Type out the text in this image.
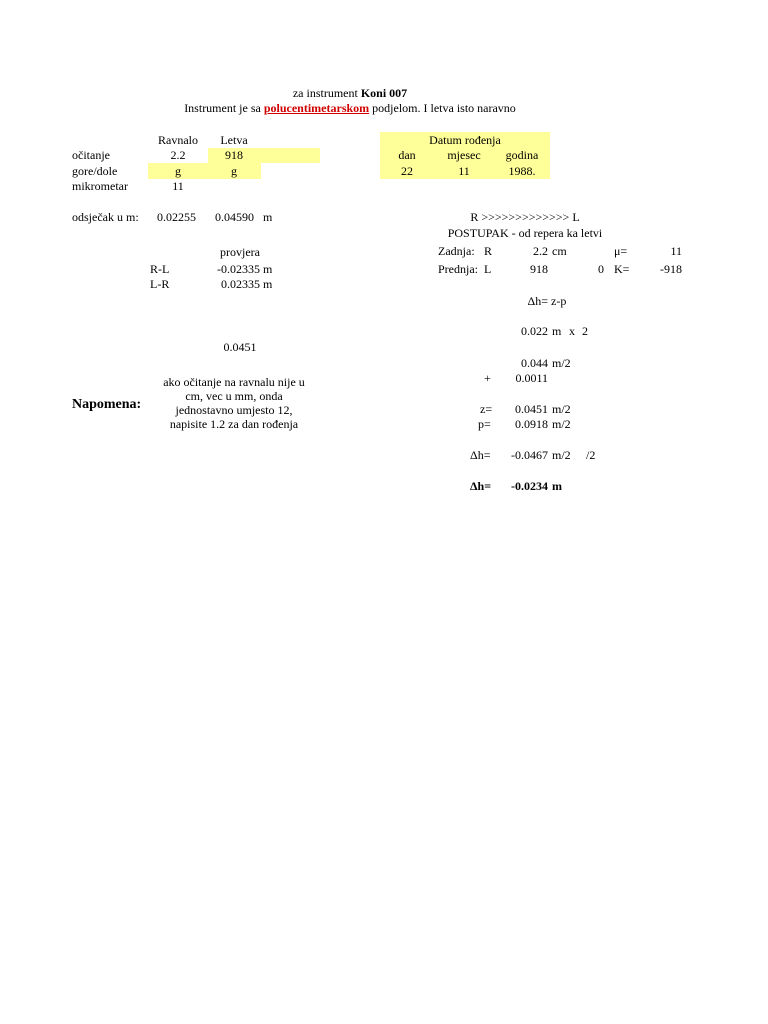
za instrument Koni 007
Instrument je sa polucentimetarskom podjelom. I letva isto naravno
Ravnalo	Letva
očitanje	2.2	918
gore/dole	g	g
mikrometar	11
Datum rođenja
dan	mjesec	godina
22	11	1988.
odsječak u m:	0.02255	0.04590 m
provjera
R-L	-0.02335 m
L-R	0.02335 m
0.0451
Napomena:
ako očitanje na ravnalu nije u
cm, vec u mm, onda
jednostavno umjesto 12,
napisite 1.2 za dan rođenja
R >>>>>>>>>>>>> L
POSTUPAK - od repera ka letvi
Zadnja: R	2.2 cm	μ=	11
Prednja: L	918	0 K=	-918
Δh= z-p
0.022 m x 2
0.044 m/2
+	0.0011
z=	0.0451 m/2
p=	0.0918 m/2
Δh=	-0.0467 m/2 /2
Δh=	-0.0234 m
